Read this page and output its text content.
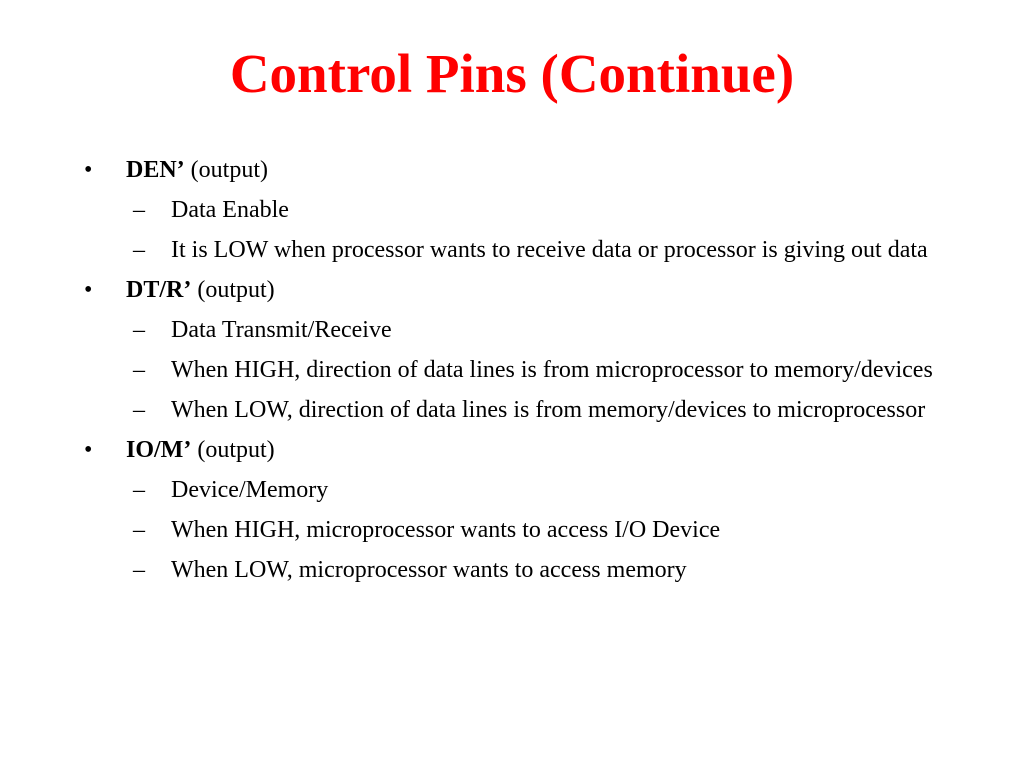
Control Pins (Continue)
• DEN’ (output)
– Data Enable
– It is LOW when processor wants to receive data or processor is giving out data
• DT/R’ (output)
– Data Transmit/Receive
– When HIGH, direction of data lines is from microprocessor to memory/devices
– When LOW, direction of data lines is from memory/devices to microprocessor
• IO/M’ (output)
– Device/Memory
– When HIGH, microprocessor wants to access I/O Device
– When LOW, microprocessor wants to access memory
